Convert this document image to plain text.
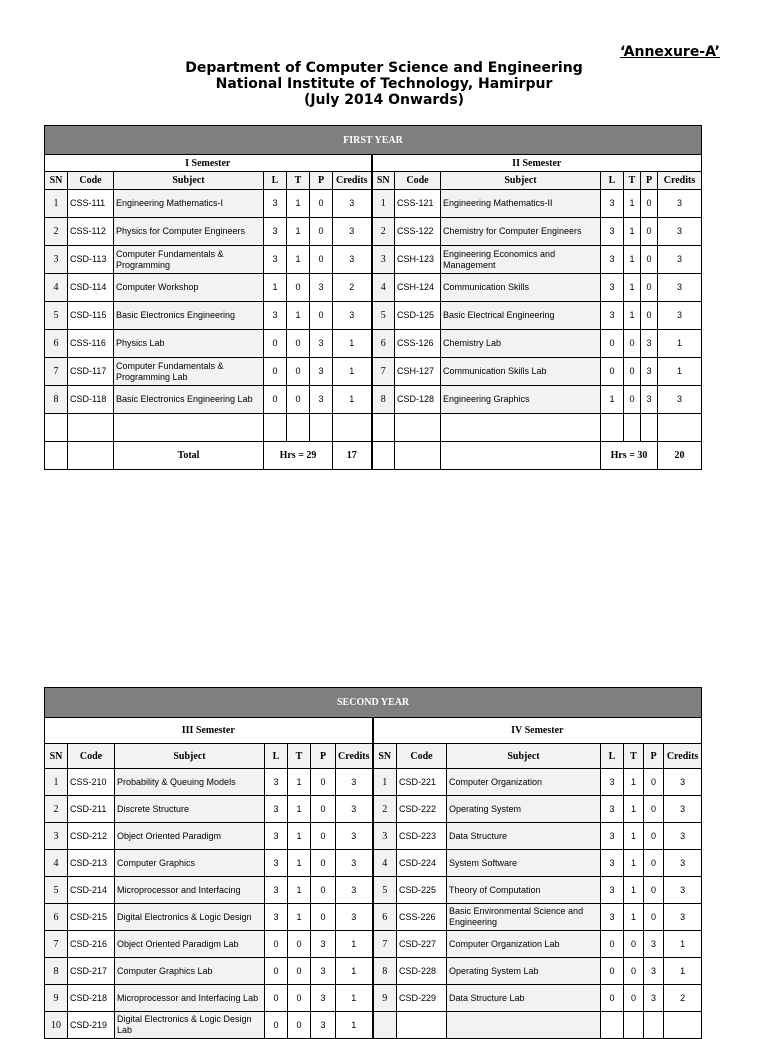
‘Annexure-A’
Department of Computer Science and Engineering
National Institute of Technology, Hamirpur
(July 2014 Onwards)
FIRST YEAR													
I Semester							II Semester						
SN	Code	Subject	L	T	P	Credits	SN	Code	Subject	L	T	P	Credits
1	CSS-111	Engineering Mathematics-I	3	1	0	3	1	CSS-121	Engineering Mathematics-II	3	1	0	3
2	CSS-112	Physics for Computer Engineers	3	1	0	3	2	CSS-122	Chemistry for Computer Engineers	3	1	0	3
3	CSD-113	Computer Fundamentals & Programming	3	1	0	3	3	CSH-123	Engineering Economics and Management	3	1	0	3
4	CSD-114	Computer Workshop	1	0	3	2	4	CSH-124	Communication Skills	3	1	0	3
5	CSD-115	Basic Electronics Engineering	3	1	0	3	5	CSD-125	Basic Electrical Engineering	3	1	0	3
6	CSS-116	Physics Lab	0	0	3	1	6	CSS-126	Chemistry Lab	0	0	3	1
7	CSD-117	Computer Fundamentals & Programming Lab	0	0	3	1	7	CSH-127	Communication Skills Lab	0	0	3	1
8	CSD-118	Basic Electronics Engineering Lab	0	0	3	1	8	CSD-128	Engineering Graphics	1	0	3	3

		Total	Hrs = 29			17				Hrs = 30			20
SECOND YEAR													
III Semester							IV Semester						
SN	Code	Subject	L	T	P	Credits	SN	Code	Subject	L	T	P	Credits
1	CSS-210	Probability & Queuing Models	3	1	0	3	1	CSD-221	Computer Organization	3	1	0	3
2	CSD-211	Discrete Structure	3	1	0	3	2	CSD-222	Operating System	3	1	0	3
3	CSD-212	Object Oriented Paradigm	3	1	0	3	3	CSD-223	Data Structure	3	1	0	3
4	CSD-213	Computer Graphics	3	1	0	3	4	CSD-224	System Software	3	1	0	3
5	CSD-214	Microprocessor and Interfacing	3	1	0	3	5	CSD-225	Theory of Computation	3	1	0	3
6	CSD-215	Digital Electronics & Logic Design	3	1	0	3	6	CSS-226	Basic Environmental Science and Engineering	3	1	0	3
7	CSD-216	Object Oriented Paradigm Lab	0	0	3	1	7	CSD-227	Computer Organization Lab	0	0	3	1
8	CSD-217	Computer Graphics Lab	0	0	3	1	8	CSD-228	Operating System Lab	0	0	3	1
9	CSD-218	Microprocessor and Interfacing Lab	0	0	3	1	9	CSD-229	Data Structure Lab	0	0	3	2
10	CSD-219	Digital Electronics & Logic Design Lab	0	0	3	1							
